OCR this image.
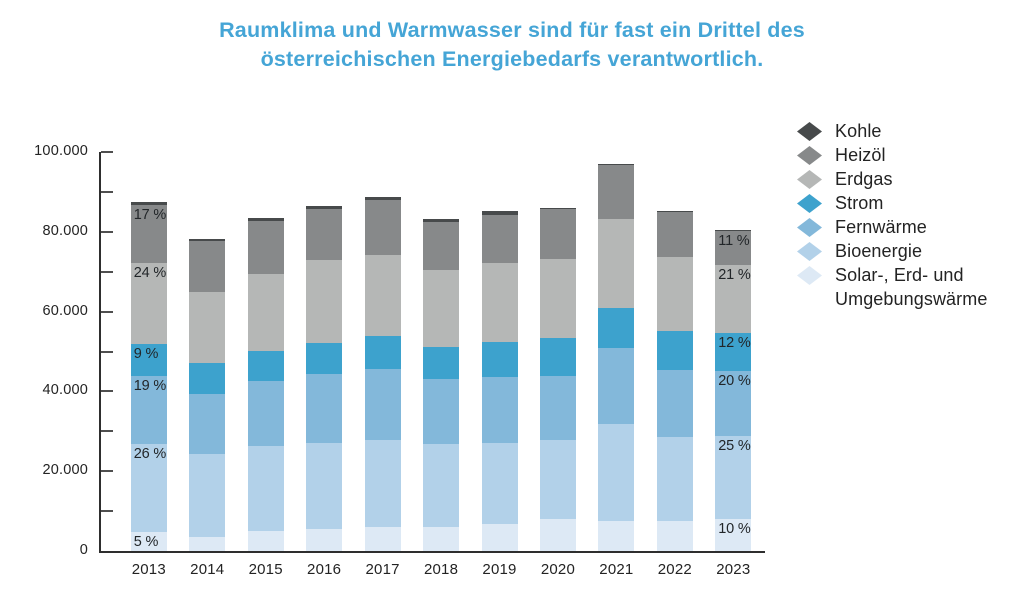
Raumklima und Warmwasser sind für fast ein Drittel des
österreichischen Energiebedarfs verantwortlich.
0
20.000
40.000
60.000
80.000
100.000
17 %
24 %
9 %
19 %
26 %
5 %
2013	2014	2015	2016	2017	2018	2019	2020	2021	2022
11 %
21 %
12 %
20 %
25 %
10 %
2023
Kohle
Heizöl
Erdgas
Strom
Fernwärme
Bioenergie
Solar-, Erd- und Umgebungswärme
